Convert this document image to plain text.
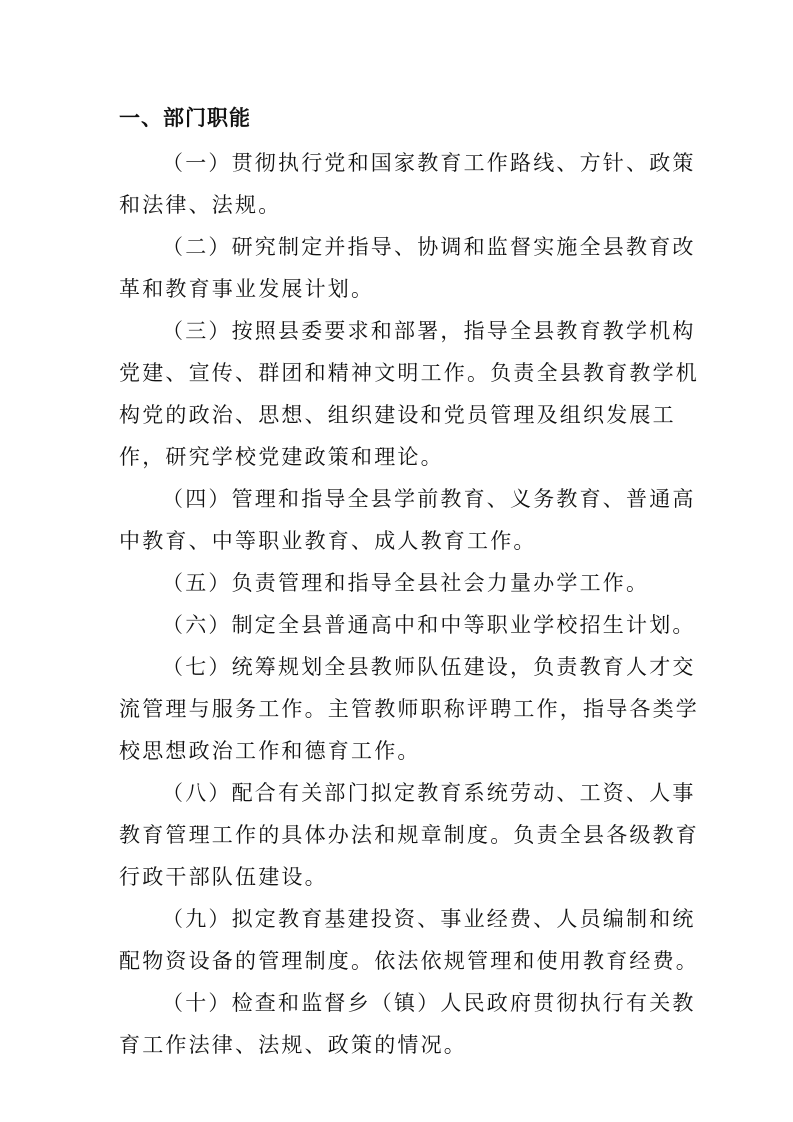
一、部门职能
（一）贯彻执行党和国家教育工作路线、方针、政策
和法律、法规。
（二）研究制定并指导、协调和监督实施全县教育改
革和教育事业发展计划。
（三）按照县委要求和部署，指导全县教育教学机构
党建、宣传、群团和精神文明工作。负责全县教育教学机
构党的政治、思想、组织建设和党员管理及组织发展工
作，研究学校党建政策和理论。
（四）管理和指导全县学前教育、义务教育、普通高
中教育、中等职业教育、成人教育工作。
（五）负责管理和指导全县社会力量办学工作。
（六）制定全县普通高中和中等职业学校招生计划。
（七）统筹规划全县教师队伍建设，负责教育人才交
流管理与服务工作。主管教师职称评聘工作，指导各类学
校思想政治工作和德育工作。
（八）配合有关部门拟定教育系统劳动、工资、人事
教育管理工作的具体办法和规章制度。负责全县各级教育
行政干部队伍建设。
（九）拟定教育基建投资、事业经费、人员编制和统
配物资设备的管理制度。依法依规管理和使用教育经费。
（十）检查和监督乡（镇）人民政府贯彻执行有关教
育工作法律、法规、政策的情况。
